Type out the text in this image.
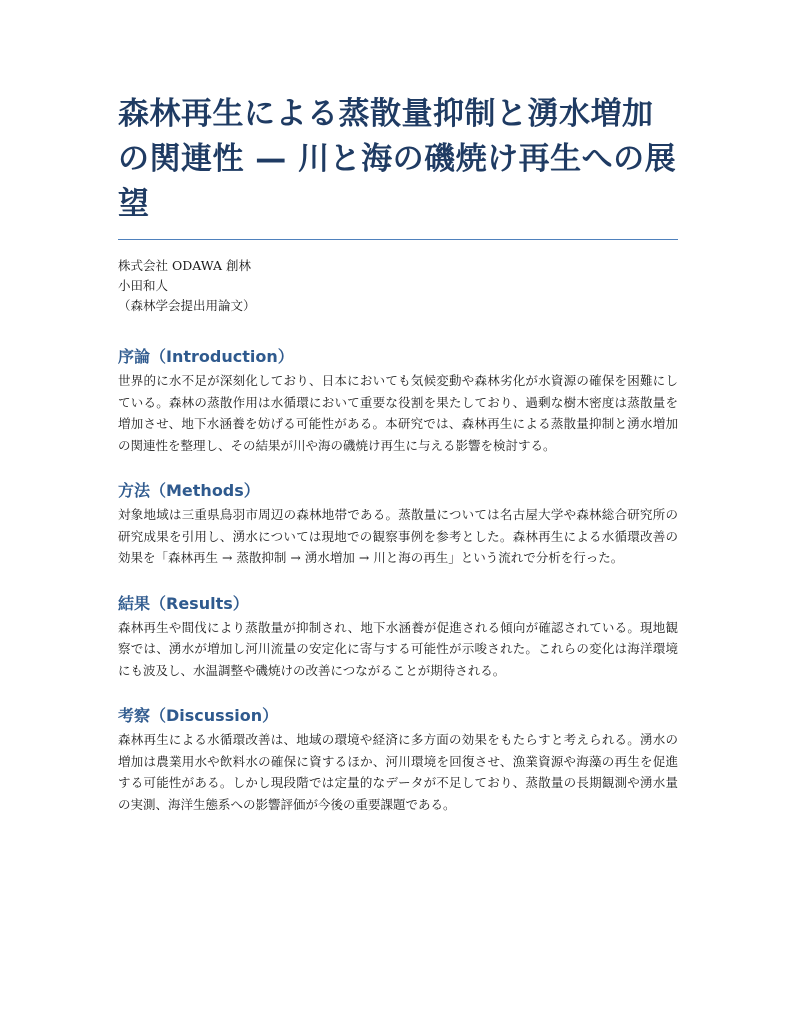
森林再生による蒸散量抑制と湧水増加の関連性 — 川と海の磯焼け再生への展望
株式会社 ODAWA 創林
小田和人
（森林学会提出用論文）
序論（Introduction）

世界的に水不足が深刻化しており、日本においても気候変動や森林劣化が水資源の確保を困難にしている。森林の蒸散作用は水循環において重要な役割を果たしており、過剰な樹木密度は蒸散量を増加させ、地下水涵養を妨げる可能性がある。本研究では、森林再生による蒸散量抑制と湧水増加の関連性を整理し、その結果が川や海の磯焼け再生に与える影響を検討する。

方法（Methods）

対象地域は三重県鳥羽市周辺の森林地帯である。蒸散量については名古屋大学や森林総合研究所の研究成果を引用し、湧水については現地での観察事例を参考とした。森林再生による水循環改善の効果を「森林再生 → 蒸散抑制 → 湧水増加 → 川と海の再生」という流れで分析を行った。

結果（Results）

森林再生や間伐により蒸散量が抑制され、地下水涵養が促進される傾向が確認されている。現地観察では、湧水が増加し河川流量の安定化に寄与する可能性が示唆された。これらの変化は海洋環境にも波及し、水温調整や磯焼けの改善につながることが期待される。

考察（Discussion）

森林再生による水循環改善は、地域の環境や経済に多方面の効果をもたらすと考えられる。湧水の増加は農業用水や飲料水の確保に資するほか、河川環境を回復させ、漁業資源や海藻の再生を促進する可能性がある。しかし現段階では定量的なデータが不足しており、蒸散量の長期観測や湧水量の実測、海洋生態系への影響評価が今後の重要課題である。
